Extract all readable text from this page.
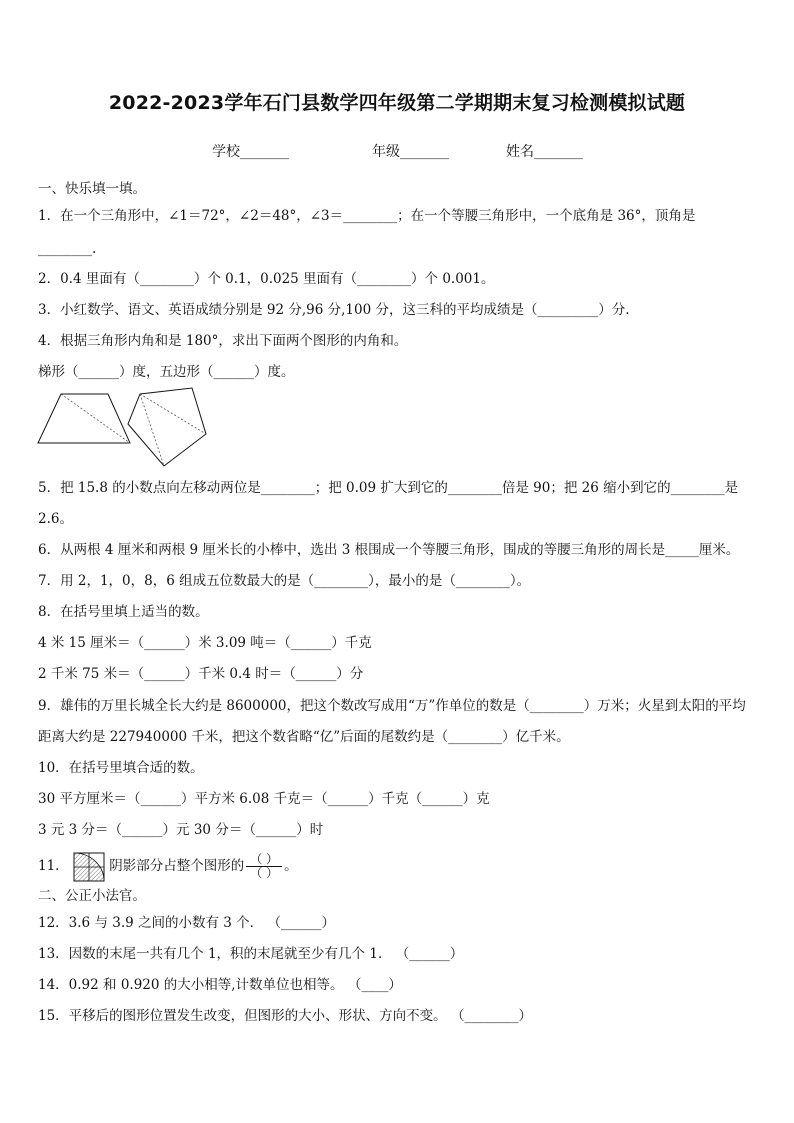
2022-2023学年石门县数学四年级第二学期期末复习检测模拟试题
学校_______	年级_______	姓名_______
一、快乐填一填。
1．在一个三角形中，∠1＝72°，∠2＝48°，∠3＝________；在一个等腰三角形中，一个底角是 36°，顶角是
________.
2．0.4 里面有（________）个 0.1，0.025 里面有（________）个 0.001。
3．小红数学、语文、英语成绩分别是 92 分,96 分,100 分，这三科的平均成绩是（_________）分.
4．根据三角形内角和是 180°，求出下面两个图形的内角和。
梯形（______）度，五边形（______）度。
5．把 15.8 的小数点向左移动两位是________；把 0.09 扩大到它的________倍是 90；把 26 缩小到它的________是
2.6。
6．从两根 4 厘米和两根 9 厘米长的小棒中，选出 3 根围成一个等腰三角形，围成的等腰三角形的周长是_____厘米。
7．用 2，1，0，8，6 组成五位数最大的是（________），最小的是（________）。
8．在括号里填上适当的数。
4 米 15 厘米＝（______）米 3.09 吨＝（______）千克
2 千米 75 米＝（______）千米 0.4 时＝（______）分
9．雄伟的万里长城全长大约是 8600000，把这个数改写成用“万”作单位的数是（________）万米；火星到太阳的平均
距离大约是 227940000 千米，把这个数省略“亿”后面的尾数约是（________）亿千米。
10．在括号里填合适的数。
30 平方厘米＝（______）平方米 6.08 千克＝（______）千克（______）克
3 元 3 分＝（______）元 30 分＝（______）时
11．	阴影部分占整个图形的 $\frac{( )}{( )}$ 。
二、公正小法官。
12．3.6 与 3.9 之间的小数有 3 个． （______）
13．因数的末尾一共有几个 1，积的末尾就至少有几个 1． （______）
14．0.92 和 0.920 的大小相等,计数单位也相等。 （____）
15．平移后的图形位置发生改变，但图形的大小、形状、方向不变。 （________）
